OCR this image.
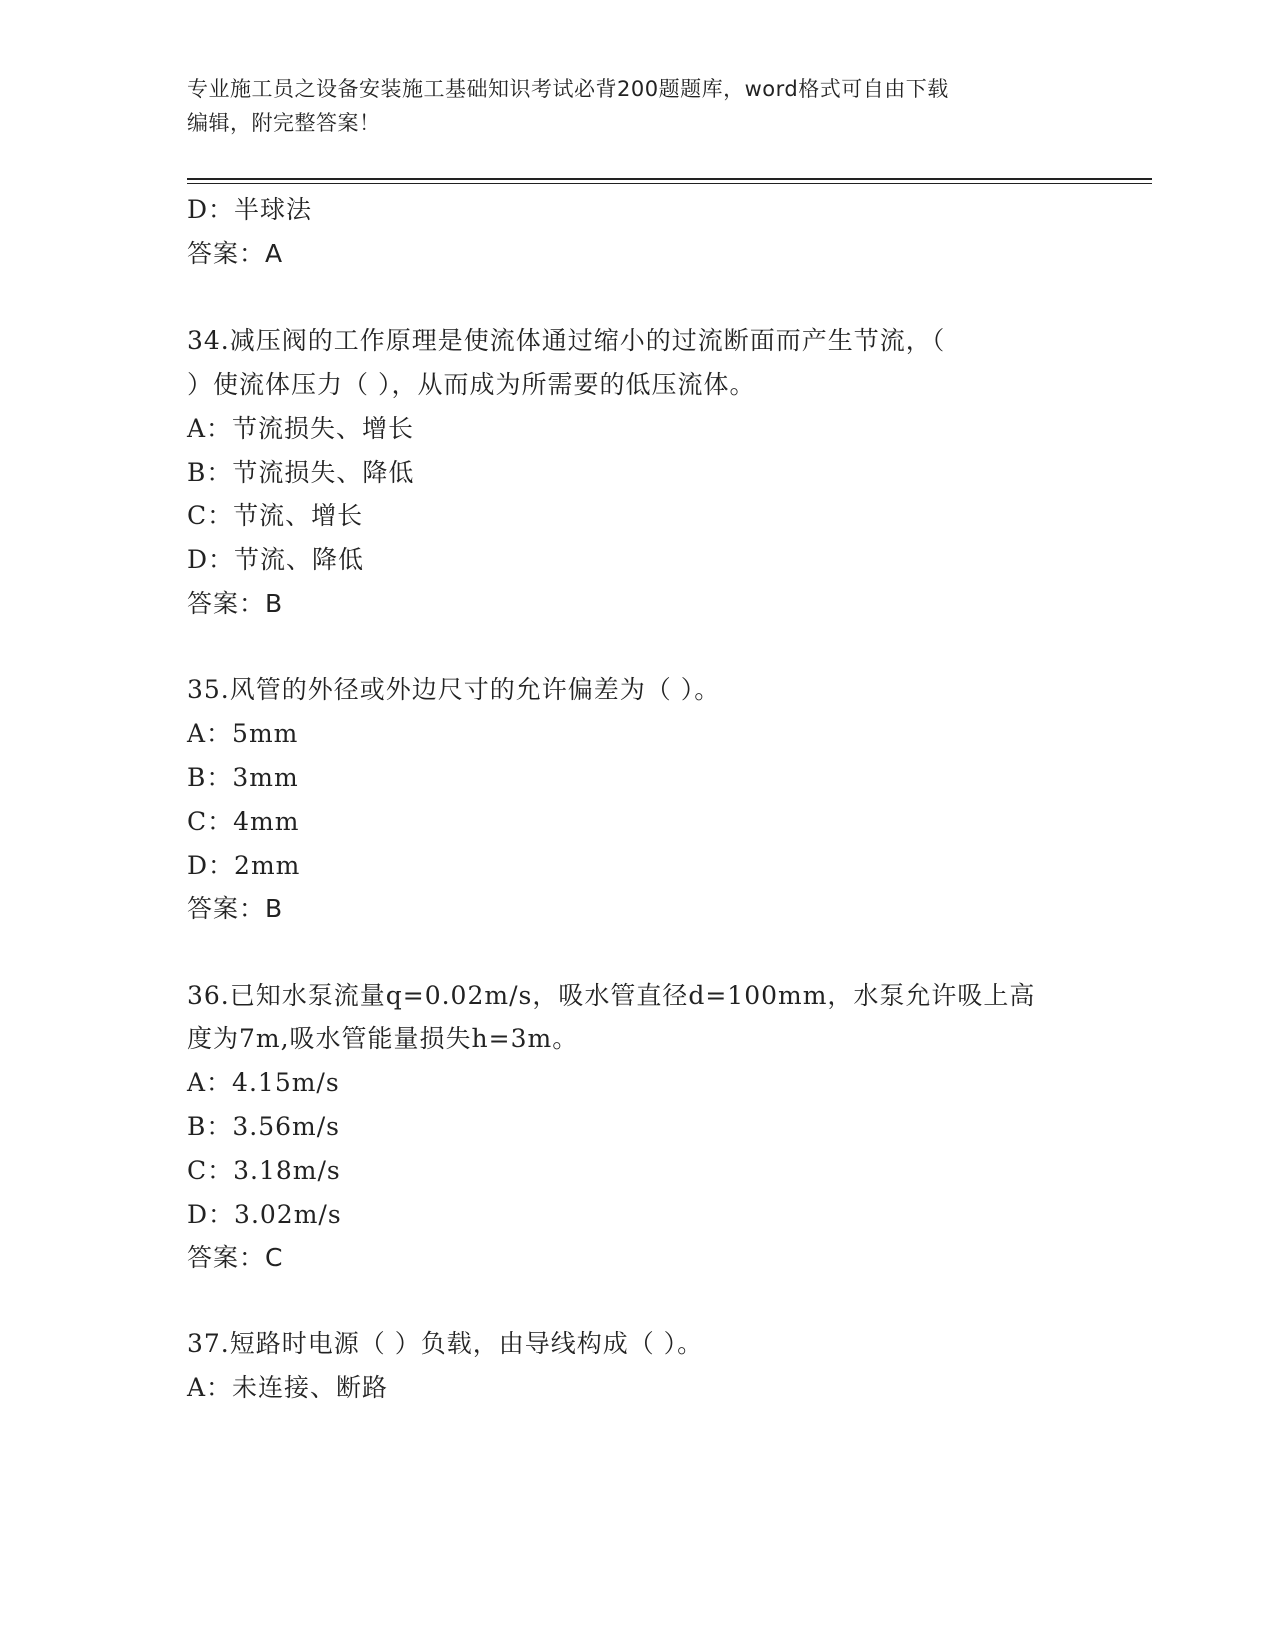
专业施工员之设备安装施工基础知识考试必背200题题库，word格式可自由下载
编辑，附完整答案！
D：半球法
答案：A
34.减压阀的工作原理是使流体通过缩小的过流断面而产生节流，（
）使流体压力（ ），从而成为所需要的低压流体。
A：节流损失、增长
B：节流损失、降低
C：节流、增长
D：节流、降低
答案：B
35.风管的外径或外边尺寸的允许偏差为（ ）。
A：5mm
B：3mm
C：4mm
D：2mm
答案：B
36.已知水泵流量q=0.02m/s，吸水管直径d=100mm，水泵允许吸上高
度为7m,吸水管能量损失h=3m。
A：4.15m/s
B：3.56m/s
C：3.18m/s
D：3.02m/s
答案：C
37.短路时电源（ ）负载，由导线构成（ ）。
A：未连接、断路
